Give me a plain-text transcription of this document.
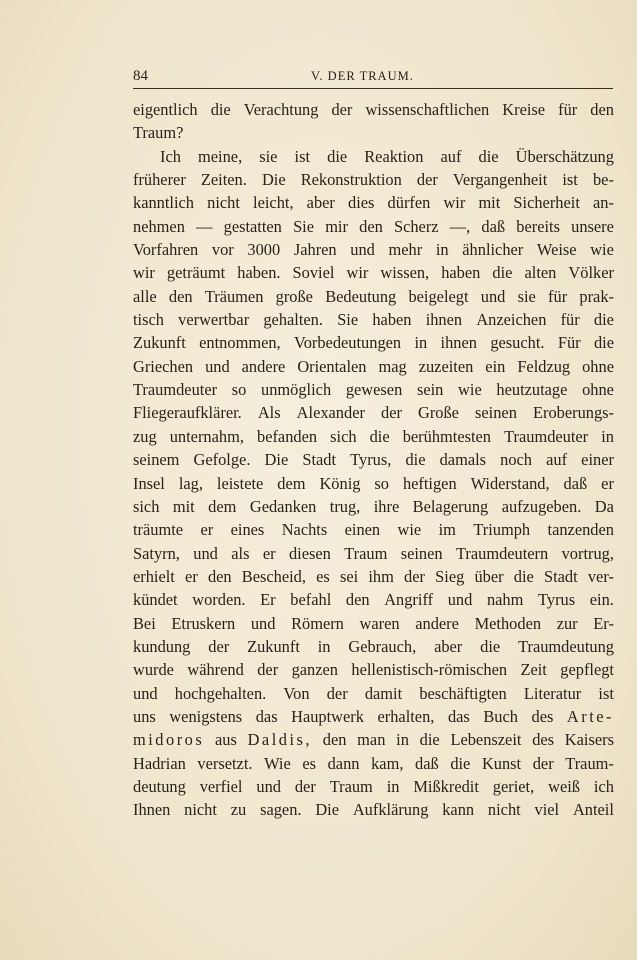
84	V. DER TRAUM.
eigentlich die Verachtung der wissenschaftlichen Kreise für den
Traum?
Ich meine, sie ist die Reaktion auf die Überschätzung
früherer Zeiten. Die Rekonstruktion der Vergangenheit ist be-
kanntlich nicht leicht, aber dies dürfen wir mit Sicherheit an-
nehmen — gestatten Sie mir den Scherz —, daß bereits unsere
Vorfahren vor 3000 Jahren und mehr in ähnlicher Weise wie
wir geträumt haben. Soviel wir wissen, haben die alten Völker
alle den Träumen große Bedeutung beigelegt und sie für prak-
tisch verwertbar gehalten. Sie haben ihnen Anzeichen für die
Zukunft entnommen, Vorbedeutungen in ihnen gesucht. Für die
Griechen und andere Orientalen mag zuzeiten ein Feldzug ohne
Traumdeuter so unmöglich gewesen sein wie heutzutage ohne
Fliegeraufklärer. Als Alexander der Große seinen Eroberungs-
zug unternahm, befanden sich die berühmtesten Traumdeuter in
seinem Gefolge. Die Stadt Tyrus, die damals noch auf einer
Insel lag, leistete dem König so heftigen Widerstand, daß er
sich mit dem Gedanken trug, ihre Belagerung aufzugeben. Da
träumte er eines Nachts einen wie im Triumph tanzenden
Satyrn, und als er diesen Traum seinen Traumdeutern vortrug,
erhielt er den Bescheid, es sei ihm der Sieg über die Stadt ver-
kündet worden. Er befahl den Angriff und nahm Tyrus ein.
Bei Etruskern und Römern waren andere Methoden zur Er-
kundung der Zukunft in Gebrauch, aber die Traumdeutung
wurde während der ganzen hellenistisch-römischen Zeit gepflegt
und hochgehalten. Von der damit beschäftigten Literatur ist
uns wenigstens das Hauptwerk erhalten, das Buch des Arte-
midoros aus Daldis, den man in die Lebenszeit des Kaisers
Hadrian versetzt. Wie es dann kam, daß die Kunst der Traum-
deutung verfiel und der Traum in Mißkredit geriet, weiß ich
Ihnen nicht zu sagen. Die Aufklärung kann nicht viel Anteil
